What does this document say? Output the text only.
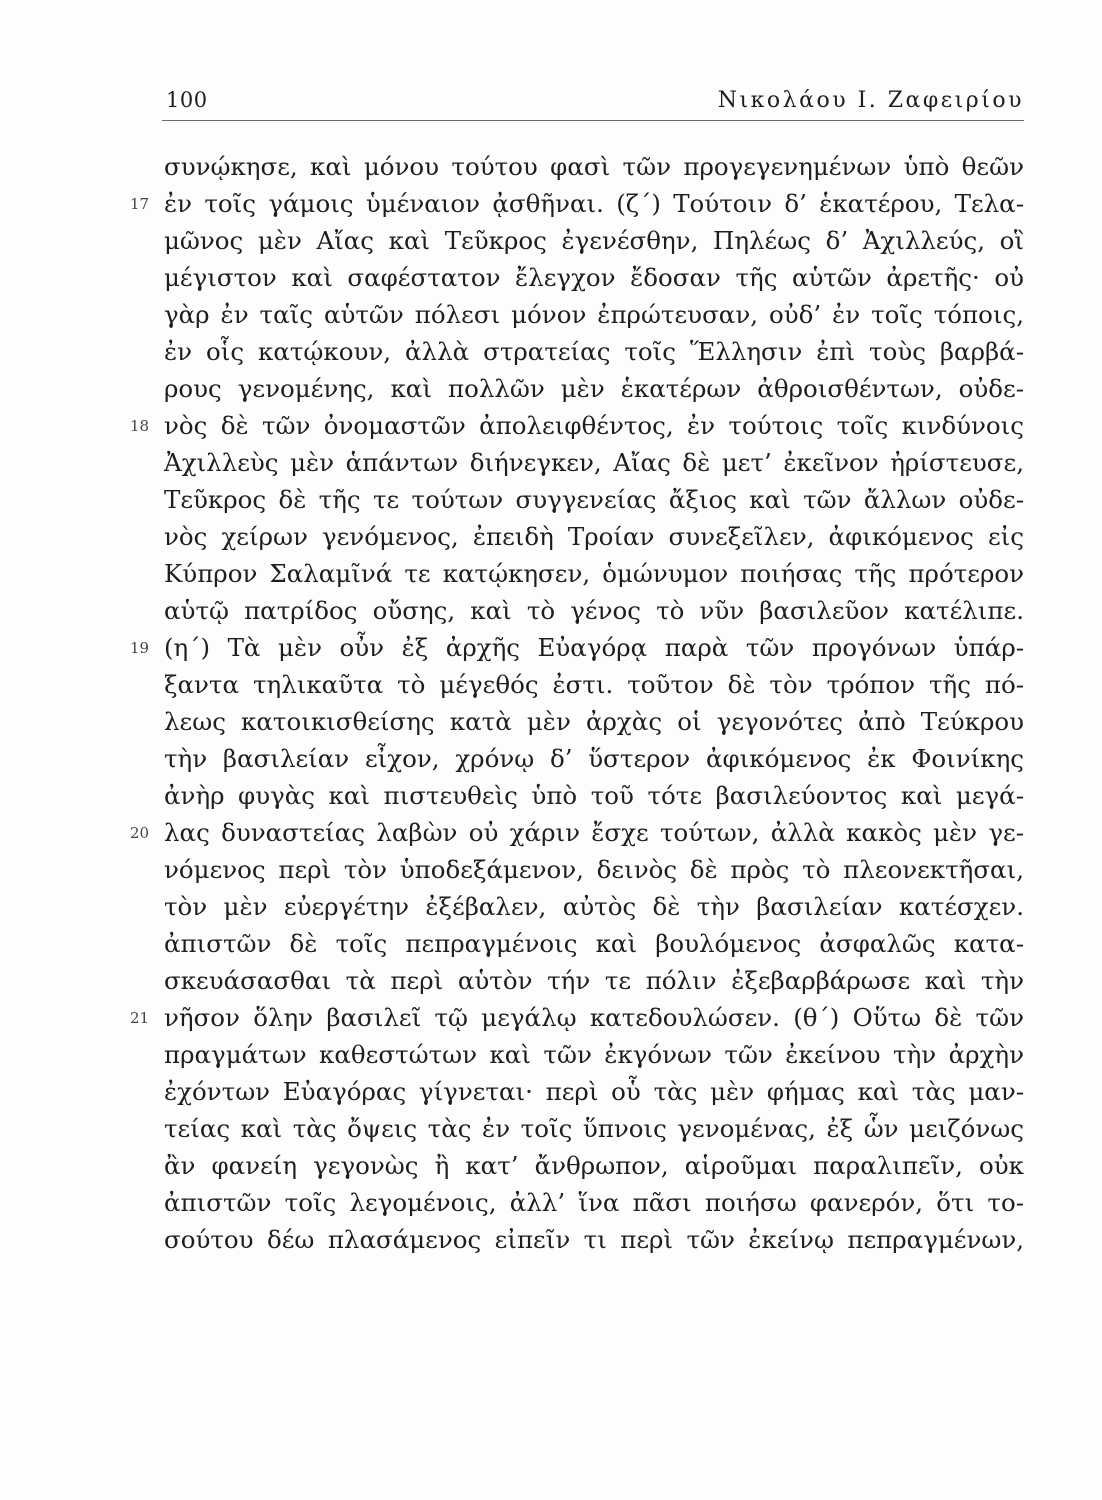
100	Νικολάου Ι. Ζαφειρίου
συνῴκησε, καὶ μόνου τούτου φασὶ τῶν προγεγενημένων ὑπὸ θεῶν
17 ἐν τοῖς γάμοις ὑμέναιον ᾀσθῆναι. (ζ΄) Τούτοιν δ’ ἑκατέρου, Τελα-
μῶνος μὲν Αἴας καὶ Τεῦκρος ἐγενέσθην, Πηλέως δ’ Ἀχιλλεύς, οἳ
μέγιστον καὶ σαφέστατον ἔλεγχον ἔδοσαν τῆς αὑτῶν ἀρετῆς· οὐ
γὰρ ἐν ταῖς αὑτῶν πόλεσι μόνον ἐπρώτευσαν, οὐδ’ ἐν τοῖς τόποις,
ἐν οἷς κατῴκουν, ἀλλὰ στρατείας τοῖς Ἕλλησιν ἐπὶ τοὺς βαρβά-
ρους γενομένης, καὶ πολλῶν μὲν ἑκατέρων ἀθροισθέντων, οὐδε-
18 νὸς δὲ τῶν ὀνομαστῶν ἀπολειφθέντος, ἐν τούτοις τοῖς κινδύνοις
Ἀχιλλεὺς μὲν ἁπάντων διήνεγκεν, Αἴας δὲ μετ’ ἐκεῖνον ἠρίστευσε,
Τεῦκρος δὲ τῆς τε τούτων συγγενείας ἄξιος καὶ τῶν ἄλλων οὐδε-
νὸς χείρων γενόμενος, ἐπειδὴ Τροίαν συνεξεῖλεν, ἀφικόμενος εἰς
Κύπρον Σαλαμῖνά τε κατῴκησεν, ὁμώνυμον ποιήσας τῆς πρότερον
αὑτῷ πατρίδος οὔσης, καὶ τὸ γένος τὸ νῦν βασιλεῦον κατέλιπε.
19 (η΄) Τὰ μὲν οὖν ἐξ ἀρχῆς Εὐαγόρᾳ παρὰ τῶν προγόνων ὑπάρ-
ξαντα τηλικαῦτα τὸ μέγεθός ἐστι. τοῦτον δὲ τὸν τρόπον τῆς πό-
λεως κατοικισθείσης κατὰ μὲν ἀρχὰς οἱ γεγονότες ἀπὸ Τεύκρου
τὴν βασιλείαν εἶχον, χρόνῳ δ’ ὕστερον ἀφικόμενος ἐκ Φοινίκης
ἀνὴρ φυγὰς καὶ πιστευθεὶς ὑπὸ τοῦ τότε βασιλεύοντος καὶ μεγά-
20 λας δυναστείας λαβὼν οὐ χάριν ἔσχε τούτων, ἀλλὰ κακὸς μὲν γε-
νόμενος περὶ τὸν ὑποδεξάμενον, δεινὸς δὲ πρὸς τὸ πλεονεκτῆσαι,
τὸν μὲν εὐεργέτην ἐξέβαλεν, αὐτὸς δὲ τὴν βασιλείαν κατέσχεν.
ἀπιστῶν δὲ τοῖς πεπραγμένοις καὶ βουλόμενος ἀσφαλῶς κατα-
σκευάσασθαι τὰ περὶ αὑτὸν τήν τε πόλιν ἐξεβαρβάρωσε καὶ τὴν
21 νῆσον ὅλην βασιλεῖ τῷ μεγάλῳ κατεδουλώσεν. (θ΄) Οὕτω δὲ τῶν
πραγμάτων καθεστώτων καὶ τῶν ἐκγόνων τῶν ἐκείνου τὴν ἀρχὴν
ἐχόντων Εὐαγόρας γίγνεται· περὶ οὗ τὰς μὲν φήμας καὶ τὰς μαν-
τείας καὶ τὰς ὄψεις τὰς ἐν τοῖς ὕπνοις γενομένας, ἐξ ὧν μειζόνως
ἂν φανείη γεγονὼς ἢ κατ’ ἄνθρωπον, αἱροῦμαι παραλιπεῖν, οὐκ
ἀπιστῶν τοῖς λεγομένοις, ἀλλ’ ἵνα πᾶσι ποιήσω φανερόν, ὅτι το-
σούτου δέω πλασάμενος εἰπεῖν τι περὶ τῶν ἐκείνῳ πεπραγμένων,
